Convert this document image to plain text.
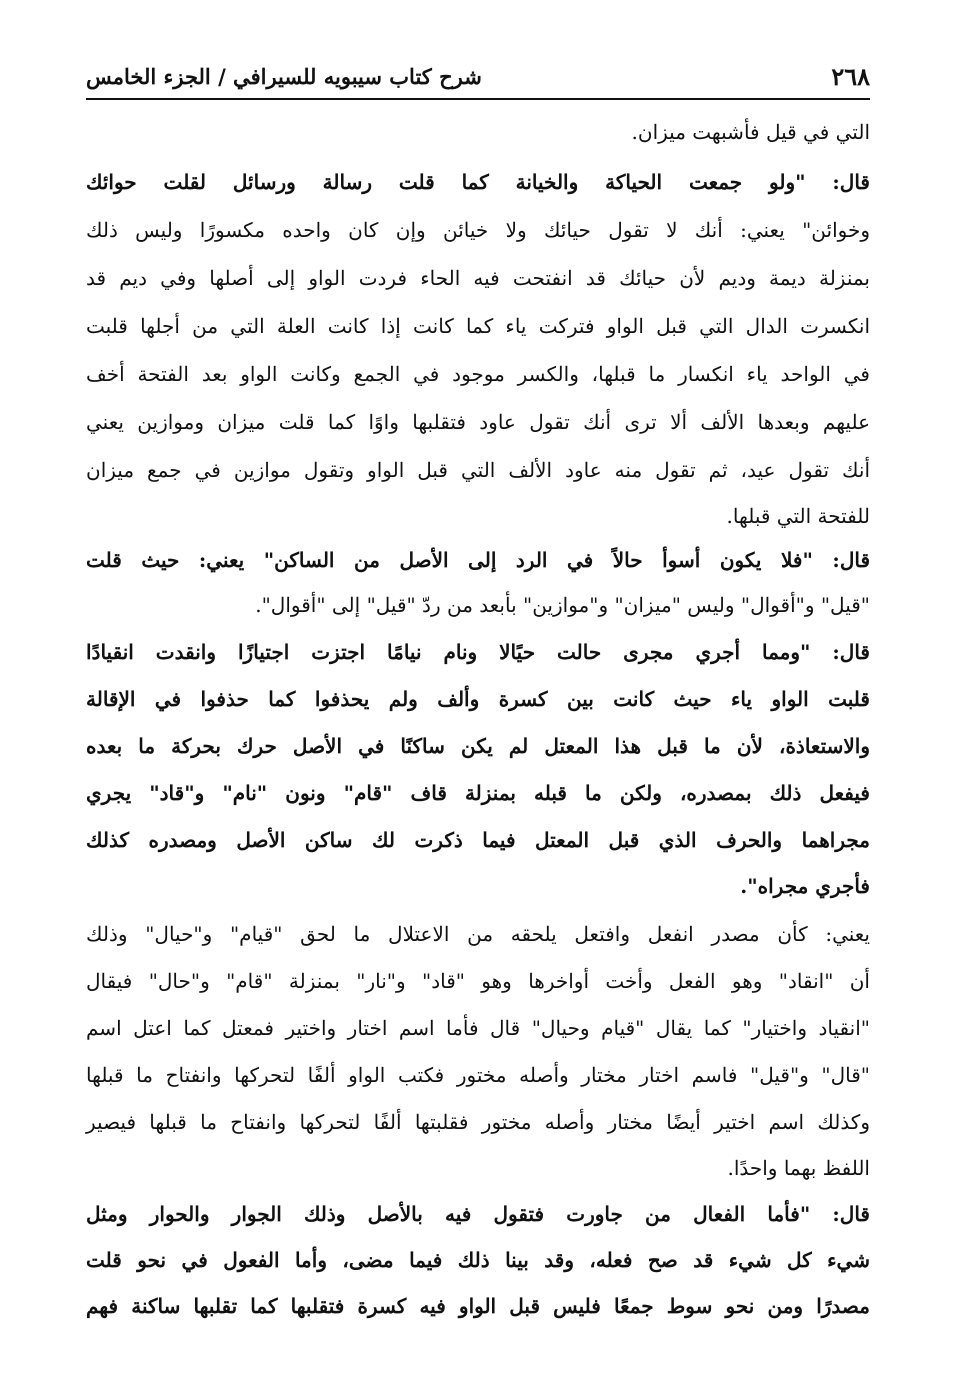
٢٦٨
شرح كتاب سيبويه للسيرافي / الجزء الخامس
التي في قيل فأشبهت ميزان.
قال: "ولو جمعت الحياكة والخيانة كما قلت رسالة ورسائل لقلت حوائك
وخوائن" يعني: أنك لا تقول حيائك ولا خيائن وإن كان واحده مكسورًا وليس ذلك
بمنزلة ديمة وديم لأن حيائك قد انفتحت فيه الحاء فردت الواو إلى أصلها وفي ديم قد
انكسرت الدال التي قبل الواو فتركت ياء كما كانت إذا كانت العلة التي من أجلها قلبت
في الواحد ياء انكسار ما قبلها، والكسر موجود في الجمع وكانت الواو بعد الفتحة أخف
عليهم وبعدها الألف ألا ترى أنك تقول عاود فتقلبها واوًا كما قلت ميزان وموازين يعني
أنك تقول عيد، ثم تقول منه عاود الألف التي قبل الواو وتقول موازين في جمع ميزان
للفتحة التي قبلها.
قال: "فلا يكون أسوأ حالاً في الرد إلى الأصل من الساكن" يعني: حيث قلت
"قيل" و"أقوال" وليس "ميزان" و"موازين" بأبعد من ردّ "قيل" إلى "أقوال".
قال: "ومما أجري مجرى حالت حيًالا ونام نيامًا اجتزت اجتيازًا وانقدت انقيادًا
قلبت الواو ياء حيث كانت بين كسرة وألف ولم يحذفوا كما حذفوا في الإقالة
والاستعاذة، لأن ما قبل هذا المعتل لم يكن ساكنًا في الأصل حرك بحركة ما بعده
فيفعل ذلك بمصدره، ولكن ما قبله بمنزلة قاف "قام" ونون "نام" و"قاد" يجري
مجراهما والحرف الذي قبل المعتل فيما ذكرت لك ساكن الأصل ومصدره كذلك
فأجري مجراه".
يعني: كأن مصدر انفعل وافتعل يلحقه من الاعتلال ما لحق "قيام" و"حيال" وذلك
أن "انقاد" وهو الفعل وأخت أواخرها وهو "قاد" و"نار" بمنزلة "قام" و"حال" فيقال
"انقياد واختيار" كما يقال "قيام وحيال" قال فأما اسم اختار واختير فمعتل كما اعتل اسم
"قال" و"قيل" فاسم اختار مختار وأصله مختور فكتب الواو ألفًا لتحركها وانفتاح ما قبلها
وكذلك اسم اختير أيضًا مختار وأصله مختور فقلبتها ألفًا لتحركها وانفتاح ما قبلها فيصير
اللفظ بهما واحدًا.
قال: "فأما الفعال من جاورت فتقول فيه بالأصل وذلك الجوار والحوار ومثل
شيء كل شيء قد صح فعله، وقد بينا ذلك فيما مضى، وأما الفعول في نحو قلت
مصدرًا ومن نحو سوط جمعًا فليس قبل الواو فيه كسرة فتقلبها كما تقلبها ساكنة فهم
